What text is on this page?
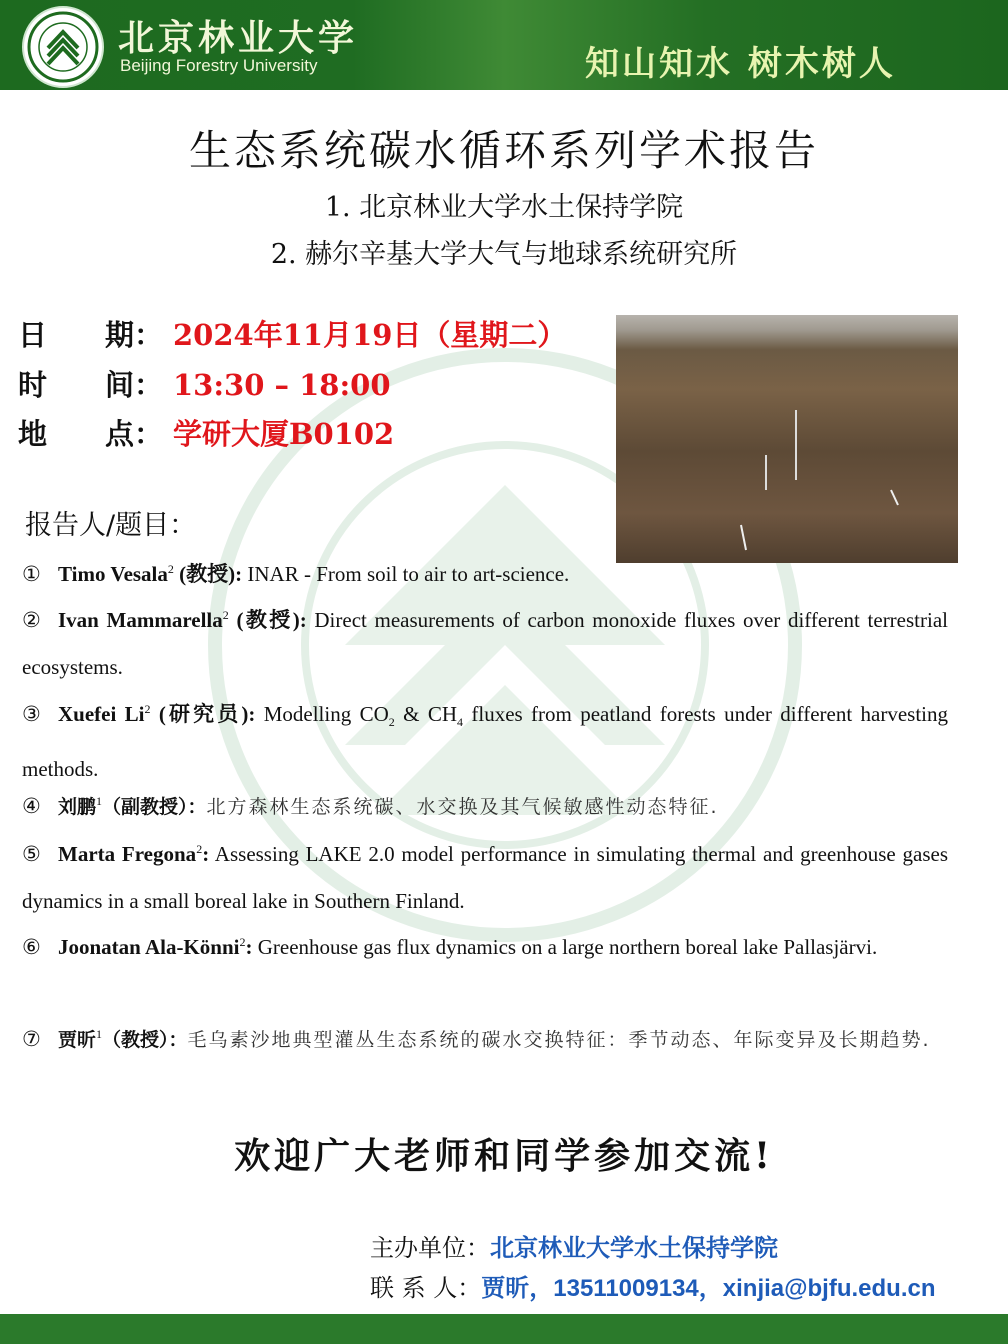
北京林业大学
Beijing Forestry University	知山知水 树木树人
生态系统碳水循环系列学术报告
1. 北京林业大学水土保持学院
2. 赫尔辛基大学大气与地球系统研究所
日　　期： 2024年11月19日（星期二）
时　　间： 13:30 – 18:00
地　　点： 学研大厦B0102
报告人/题目：
① Timo Vesala$^2$ (教授): INAR - From soil to air to art-science.
② Ivan Mammarella$^2$ (教授): Direct measurements of carbon monoxide fluxes over different terrestrial ecosystems.
③ Xuefei Li$^2$ (研究员): Modelling $CO_2$ & $CH_4$ fluxes from peatland forests under different harvesting methods.
④ 刘鹏$^1$（副教授）：北方森林生态系统碳、水交换及其气候敏感性动态特征.
⑤ Marta Fregona$^2$: Assessing LAKE 2.0 model performance in simulating thermal and greenhouse gases dynamics in a small boreal lake in Southern Finland.
⑥ Joonatan Ala-Könni$^2$: Greenhouse gas flux dynamics on a large northern boreal lake Pallasjärvi.
⑦ 贾昕$^1$（教授）：毛乌素沙地典型灌丛生态系统的碳水交换特征：季节动态、年际变异及长期趋势.
欢迎广大老师和同学参加交流!
主办单位：北京林业大学水土保持学院
联 系 人：贾昕，13511009134，xinjia@bjfu.edu.cn
